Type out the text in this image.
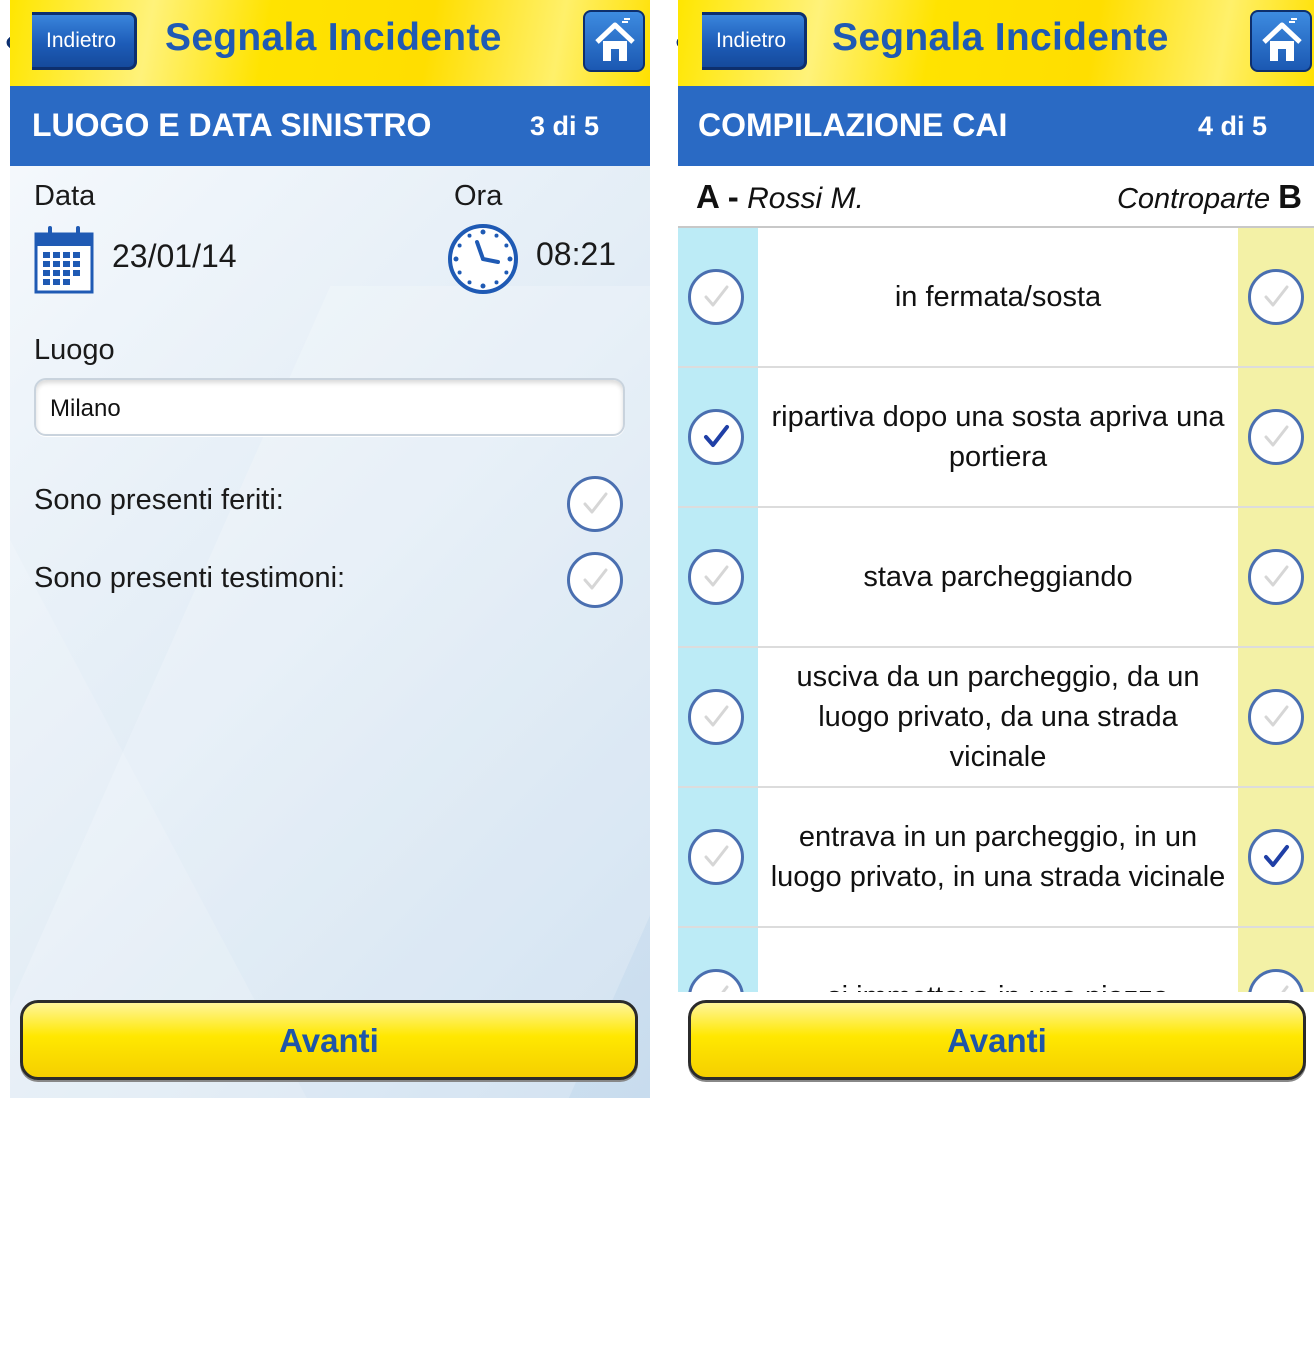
Indietro	Segnala Incidente
LUOGO E DATA SINISTRO	3 di 5
Data
23/01/14
Ora
08:21
Luogo
Milano
Sono presenti feriti:
Sono presenti testimoni:
Avanti
Indietro	Segnala Incidente
COMPILAZIONE CAI	4 di 5
A - Rossi M.	Controparte B
in fermata/sosta
ripartiva dopo una sosta apriva una portiera
stava parcheggiando
usciva da un parcheggio, da un luogo privato, da una strada vicinale
entrava in un parcheggio, in un luogo privato, in una strada vicinale
Avanti
